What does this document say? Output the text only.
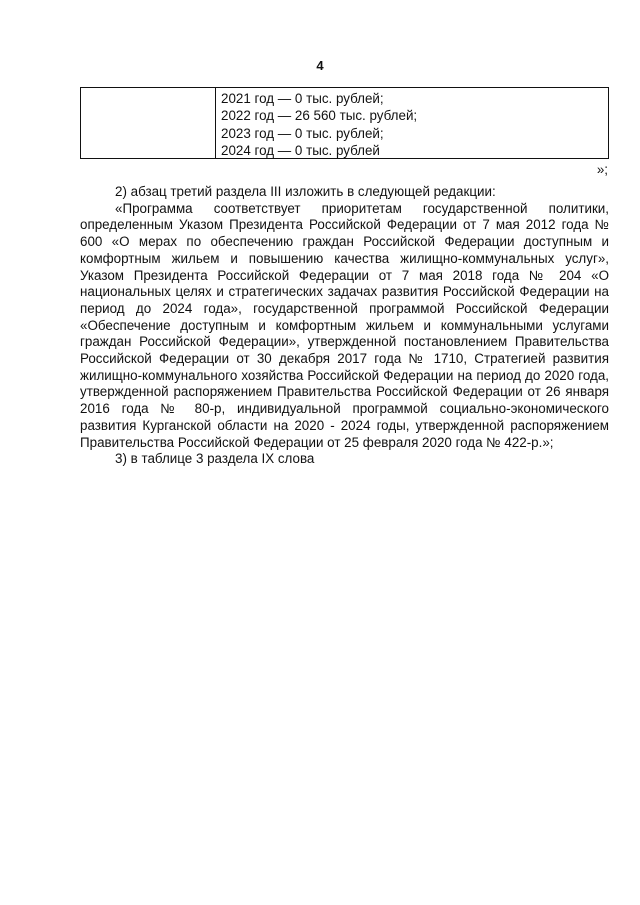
4
2021 год — 0 тыс. рублей;
2022 год — 26 560 тыс. рублей;
2023 год — 0 тыс. рублей;
2024 год — 0 тыс. рублей
»;

2) абзац третий раздела III изложить в следующей редакции:

«Программа соответствует приоритетам государственной политики, определенным Указом Президента Российской Федерации от 7 мая 2012 года № 600 «О мерах по обеспечению граждан Российской Федерации доступным и комфортным жильем и повышению качества жилищно-коммунальных услуг», Указом Президента Российской Федерации от 7 мая 2018 года № 204 «О национальных целях и стратегических задачах развития Российской Федерации на период до 2024 года», государственной программой Российской Федерации «Обеспечение доступным и комфортным жильем и коммунальными услугами граждан Российской Федерации», утвержденной постановлением Правительства Российской Федерации от 30 декабря 2017 года № 1710, Стратегией развития жилищно-коммунального хозяйства Российской Федерации на период до 2020 года, утвержденной распоряжением Правительства Российской Федерации от 26 января 2016 года № 80-р, индивидуальной программой социально-экономического развития Курганской области на 2020 - 2024 годы, утвержденной распоряжением Правительства Российской Федерации от 25 февраля 2020 года № 422-р.»;

3) в таблице 3 раздела IX слова
